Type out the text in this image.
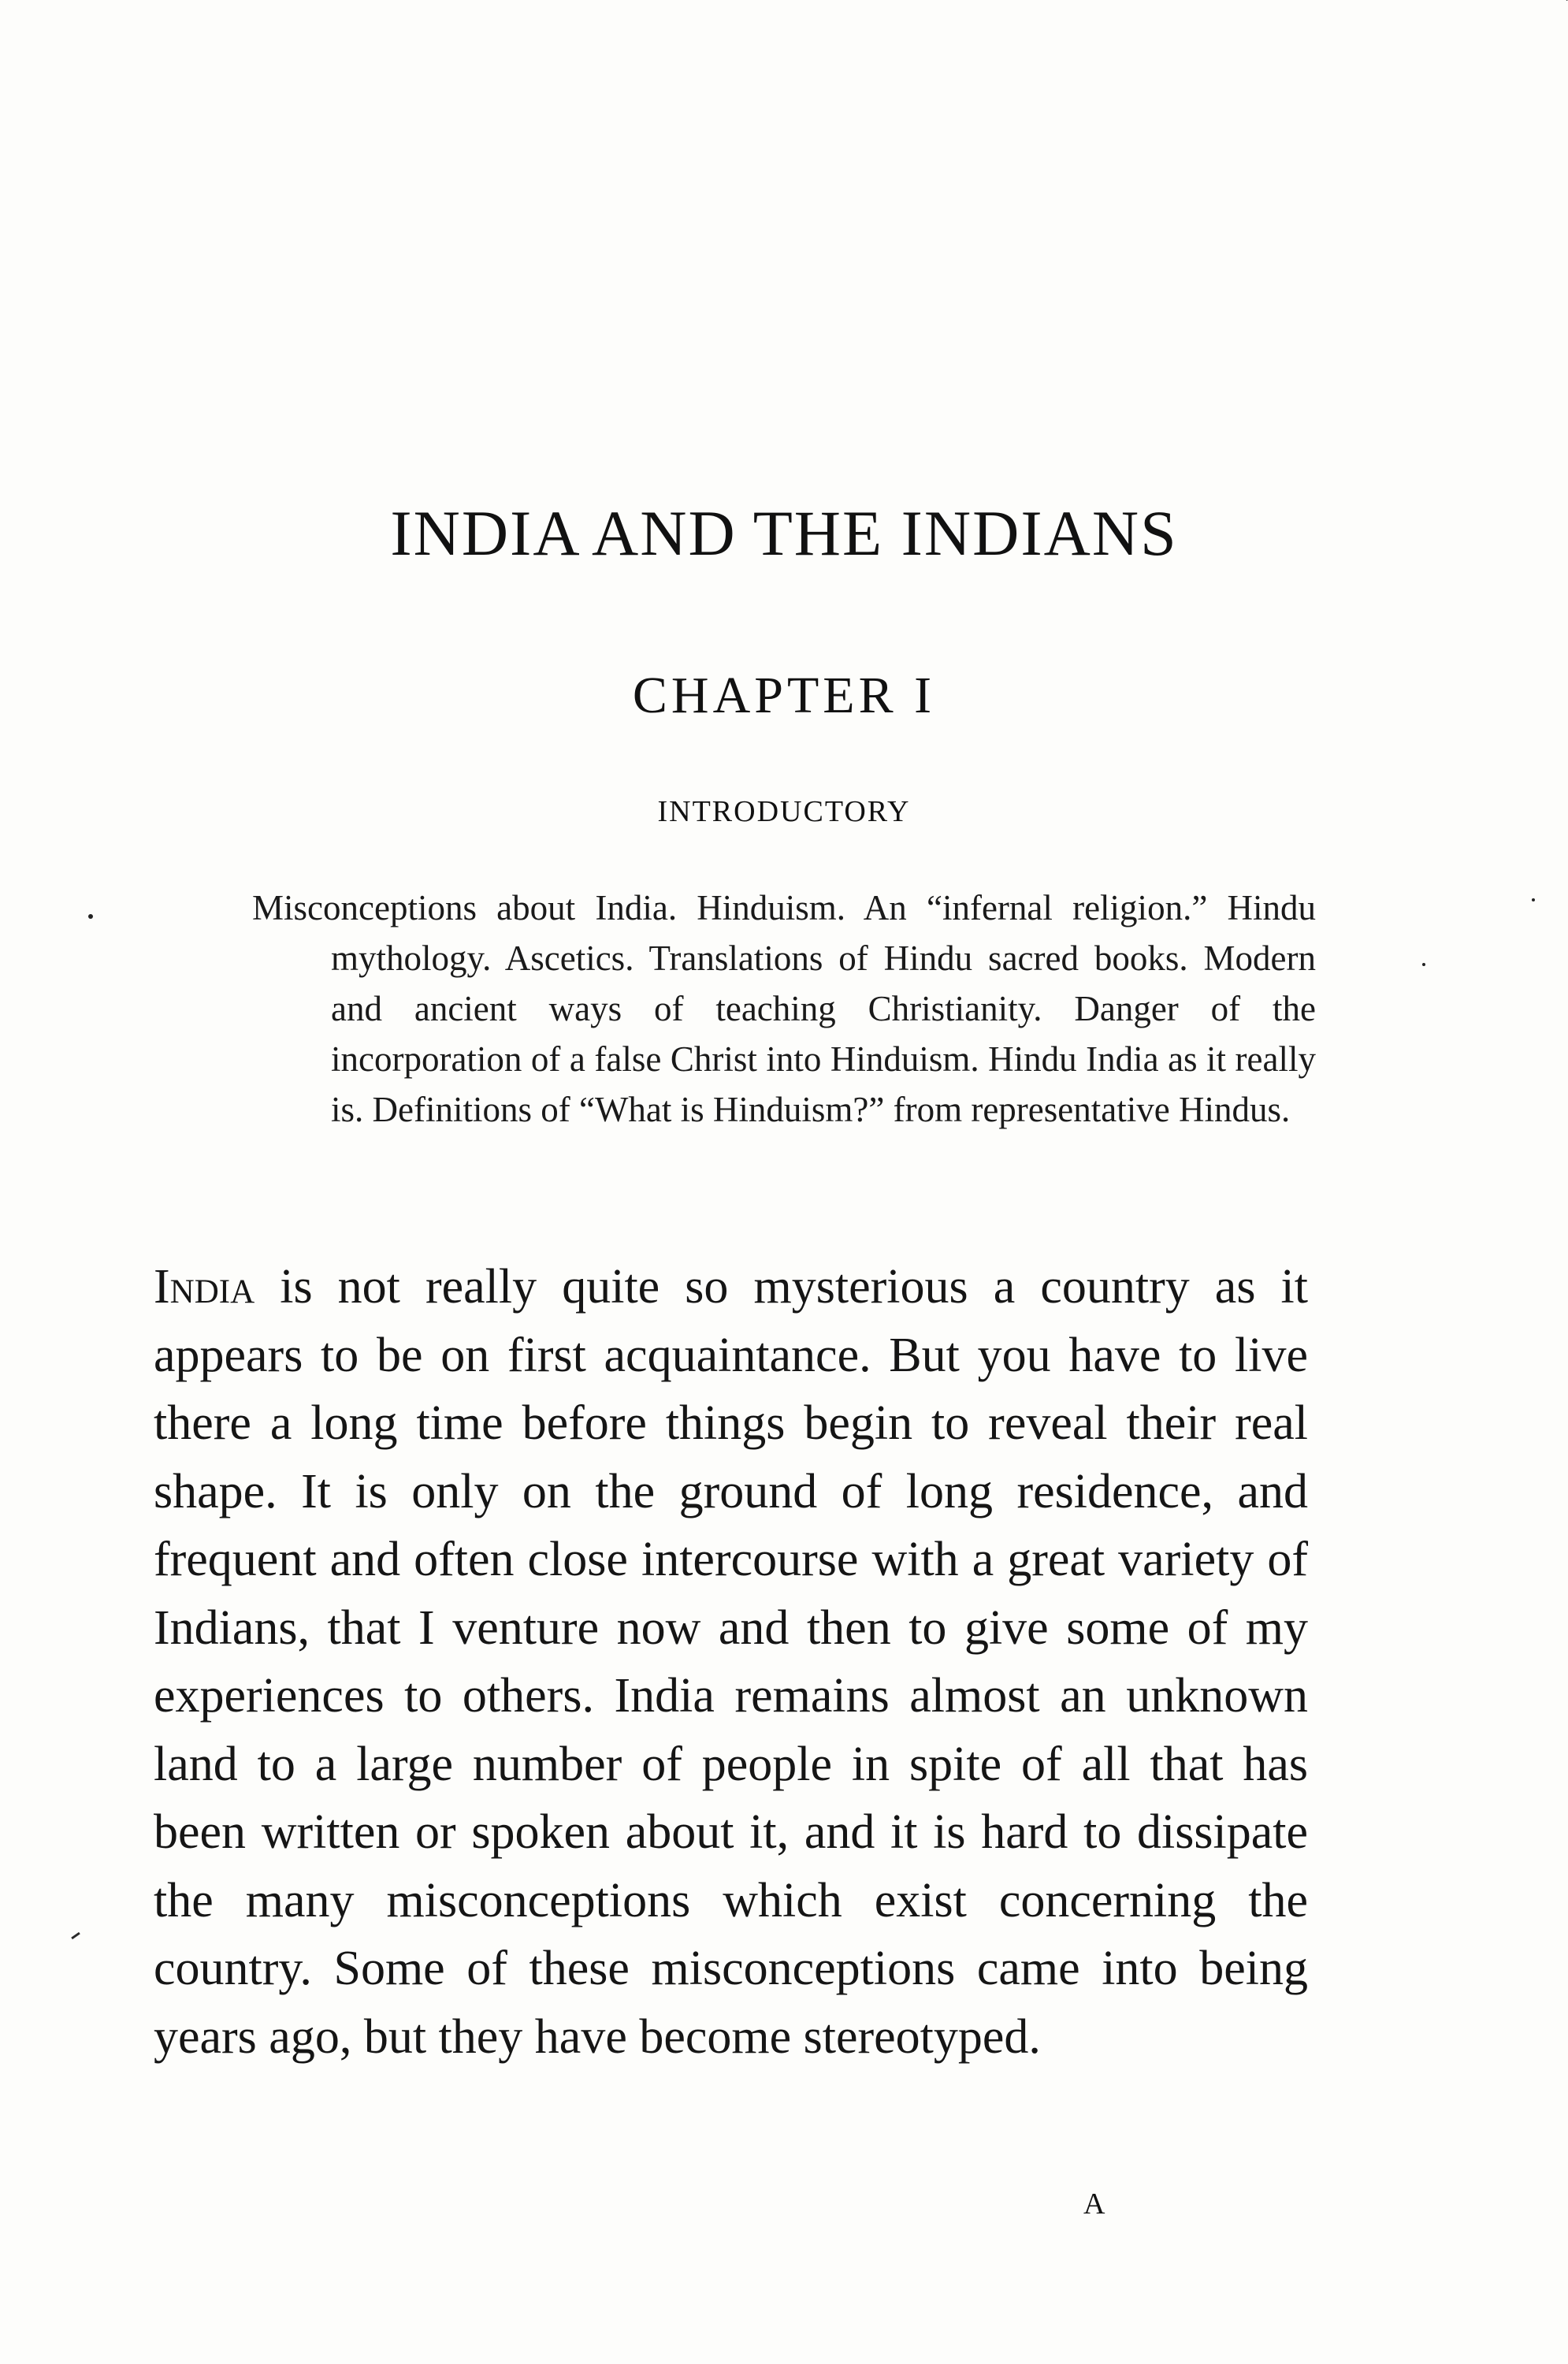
INDIA AND THE INDIANS
CHAPTER I
INTRODUCTORY

Misconceptions about India. Hinduism. An “infernal religion.” Hindu mythology. Ascetics. Translations of Hindu sacred books. Modern and ancient ways of teaching Christianity. Danger of the incorporation of a false Christ into Hinduism. Hindu India as it really is. Definitions of “What is Hinduism?” from representative Hindus.

India is not really quite so mysterious a country as it appears to be on first acquaintance. But you have to live there a long time before things begin to reveal their real shape. It is only on the ground of long residence, and frequent and often close intercourse with a great variety of Indians, that I venture now and then to give some of my experiences to others. India remains almost an unknown land to a large number of people in spite of all that has been written or spoken about it, and it is hard to dissipate the many misconceptions which exist concerning the country. Some of these misconceptions came into being years ago, but they have become stereotyped.

A
